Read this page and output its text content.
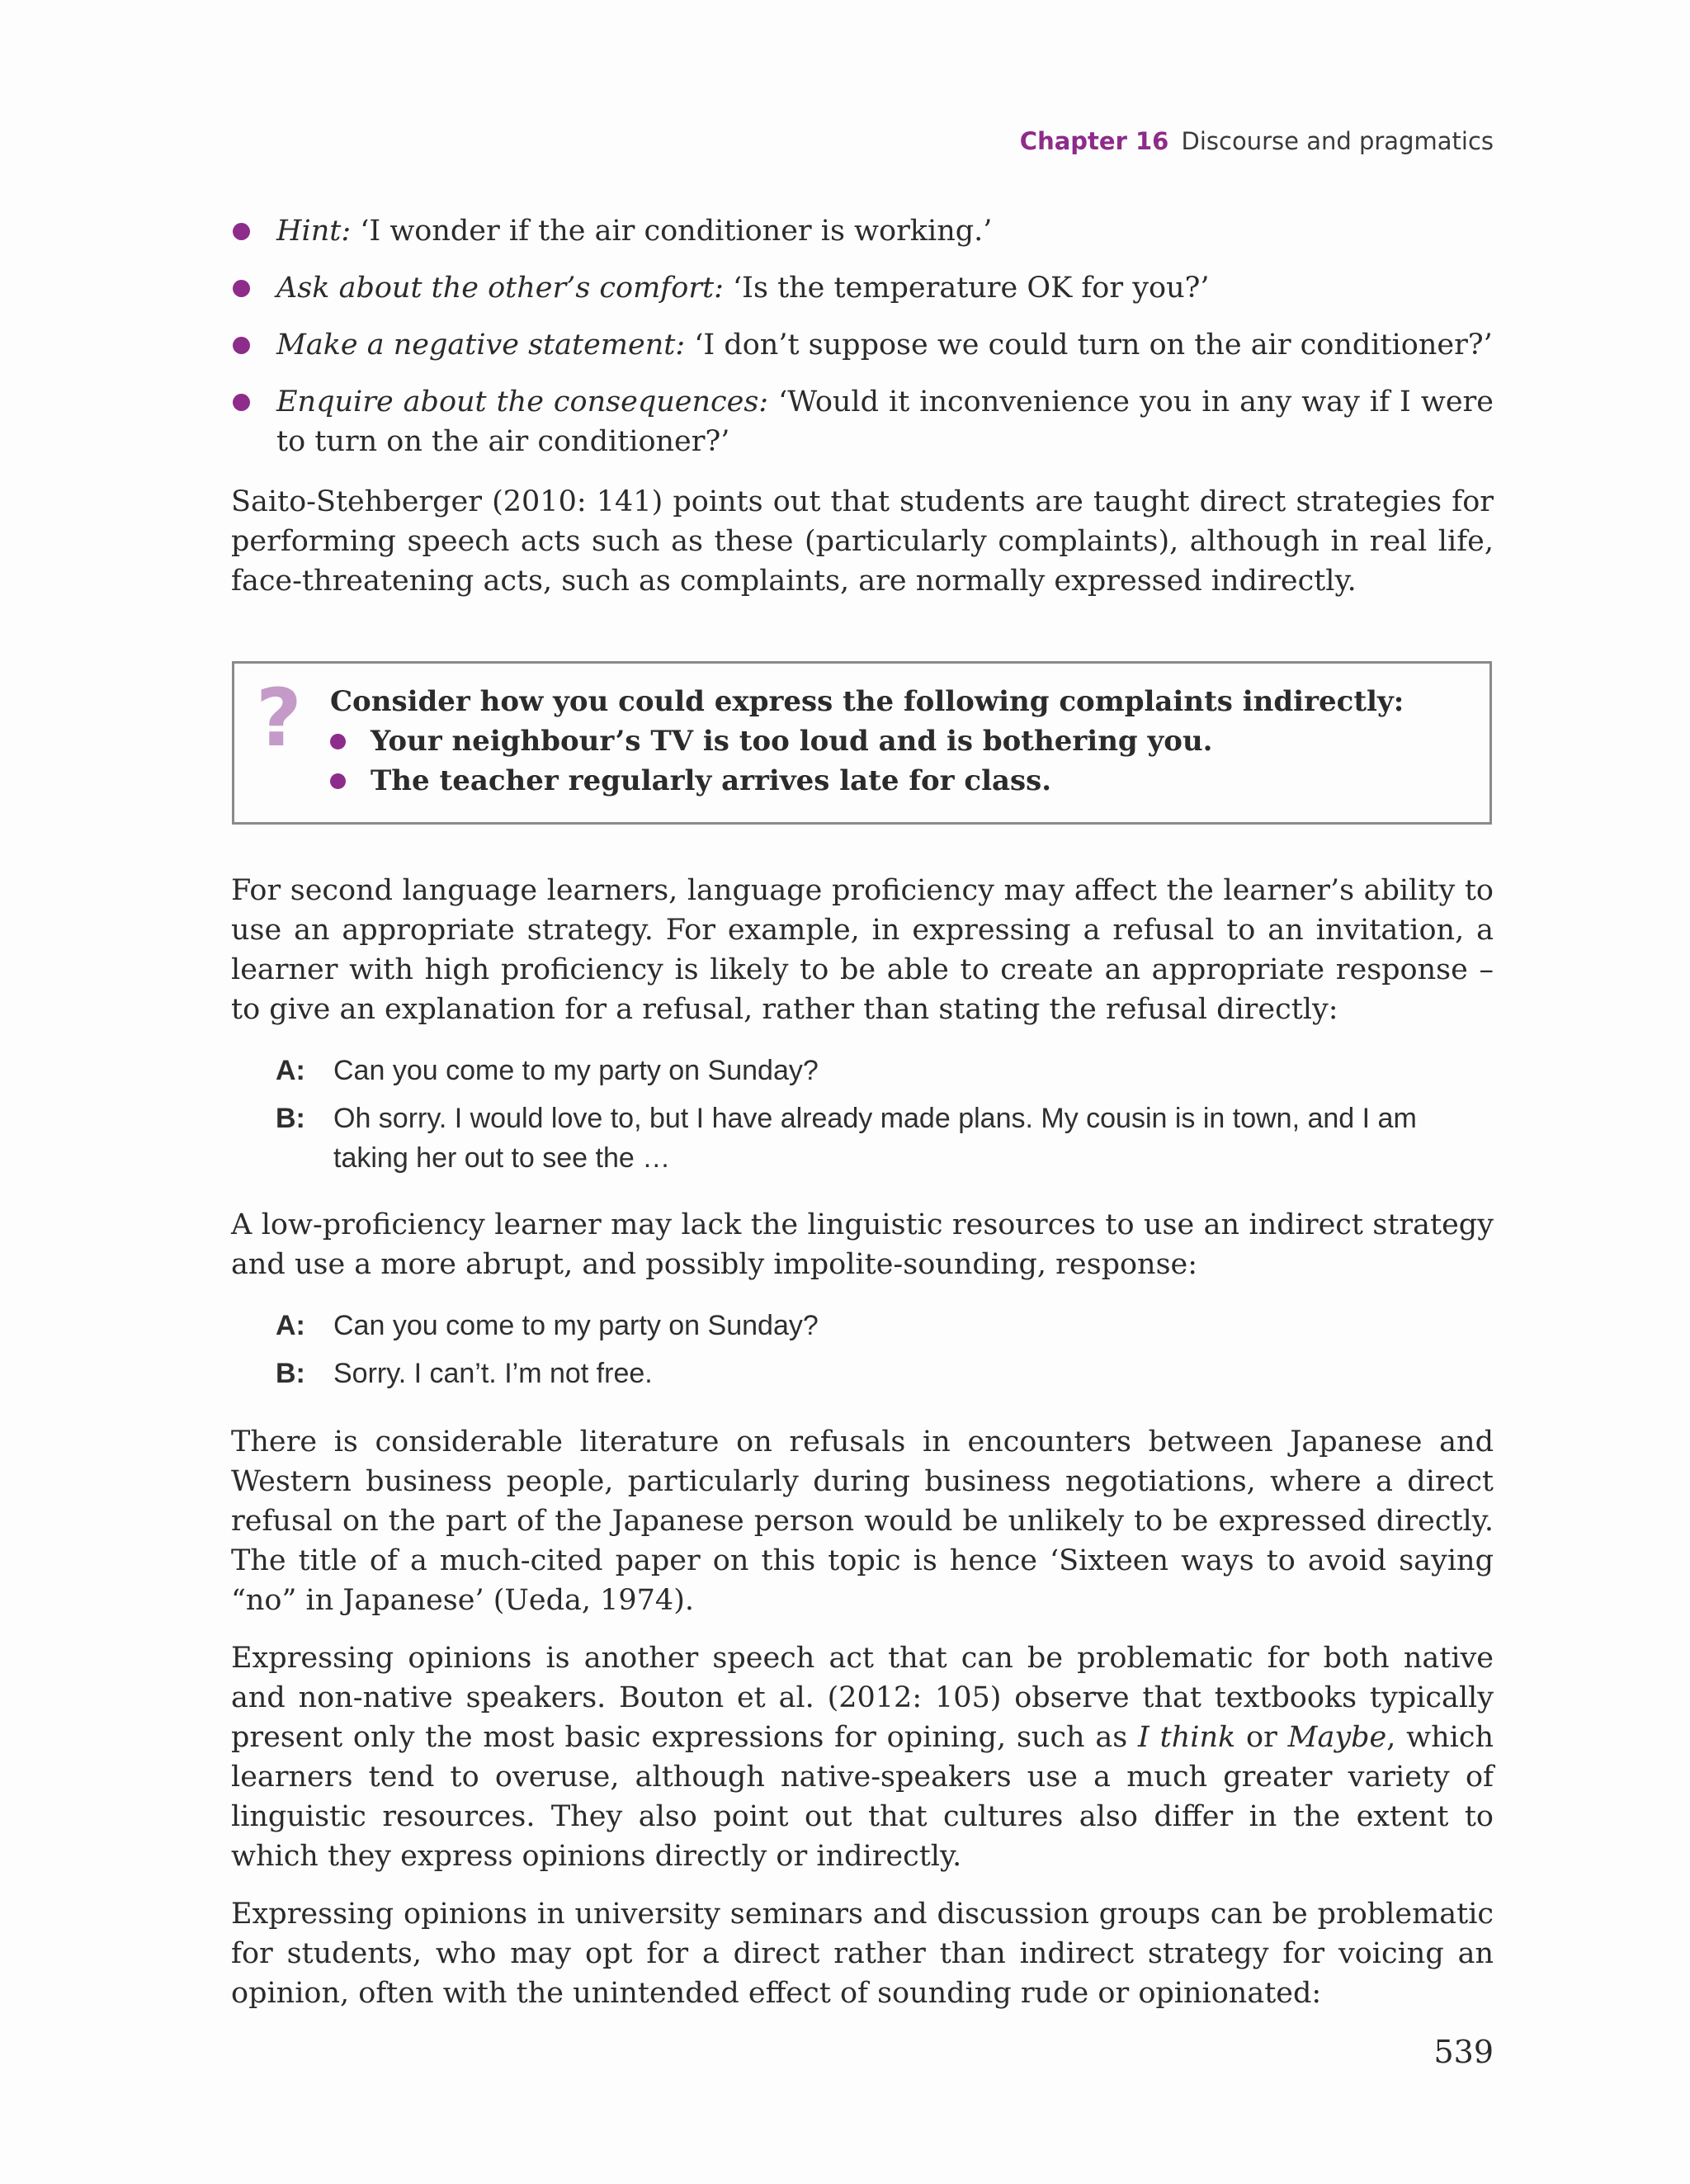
Chapter 16 Discourse and pragmatics
Hint: ‘I wonder if the air conditioner is working.’
Ask about the other’s comfort: ‘Is the temperature OK for you?’
Make a negative statement: ‘I don’t suppose we could turn on the air conditioner?’
Enquire about the consequences: ‘Would it inconvenience you in any way if I were to turn on the air conditioner?’

Saito-Stehberger (2010: 141) points out that students are taught direct strategies for performing speech acts such as these (particularly complaints), although in real life, face-threatening acts, such as complaints, are normally expressed indirectly.

? Consider how you could express the following complaints indirectly:
Your neighbour’s TV is too loud and is bothering you.
The teacher regularly arrives late for class.

For second language learners, language proficiency may affect the learner’s ability to use an appropriate strategy. For example, in expressing a refusal to an invitation, a learner with high proficiency is likely to be able to create an appropriate response – to give an explanation for a refusal, rather than stating the refusal directly:

A: Can you come to my party on Sunday?
B: Oh sorry. I would love to, but I have already made plans. My cousin is in town, and I am taking her out to see the …

A low-proficiency learner may lack the linguistic resources to use an indirect strategy and use a more abrupt, and possibly impolite-sounding, response:

A: Can you come to my party on Sunday?
B: Sorry. I can’t. I’m not free.

There is considerable literature on refusals in encounters between Japanese and Western business people, particularly during business negotiations, where a direct refusal on the part of the Japanese person would be unlikely to be expressed directly. The title of a much-cited paper on this topic is hence ‘Sixteen ways to avoid saying “no” in Japanese’ (Ueda, 1974).

Expressing opinions is another speech act that can be problematic for both native and non-native speakers. Bouton et al. (2012: 105) observe that textbooks typically present only the most basic expressions for opining, such as I think or Maybe, which learners tend to overuse, although native-speakers use a much greater variety of linguistic resources. They also point out that cultures also differ in the extent to which they express opinions directly or indirectly.

Expressing opinions in university seminars and discussion groups can be problematic for students, who may opt for a direct rather than indirect strategy for voicing an opinion, often with the unintended effect of sounding rude or opinionated:

539
